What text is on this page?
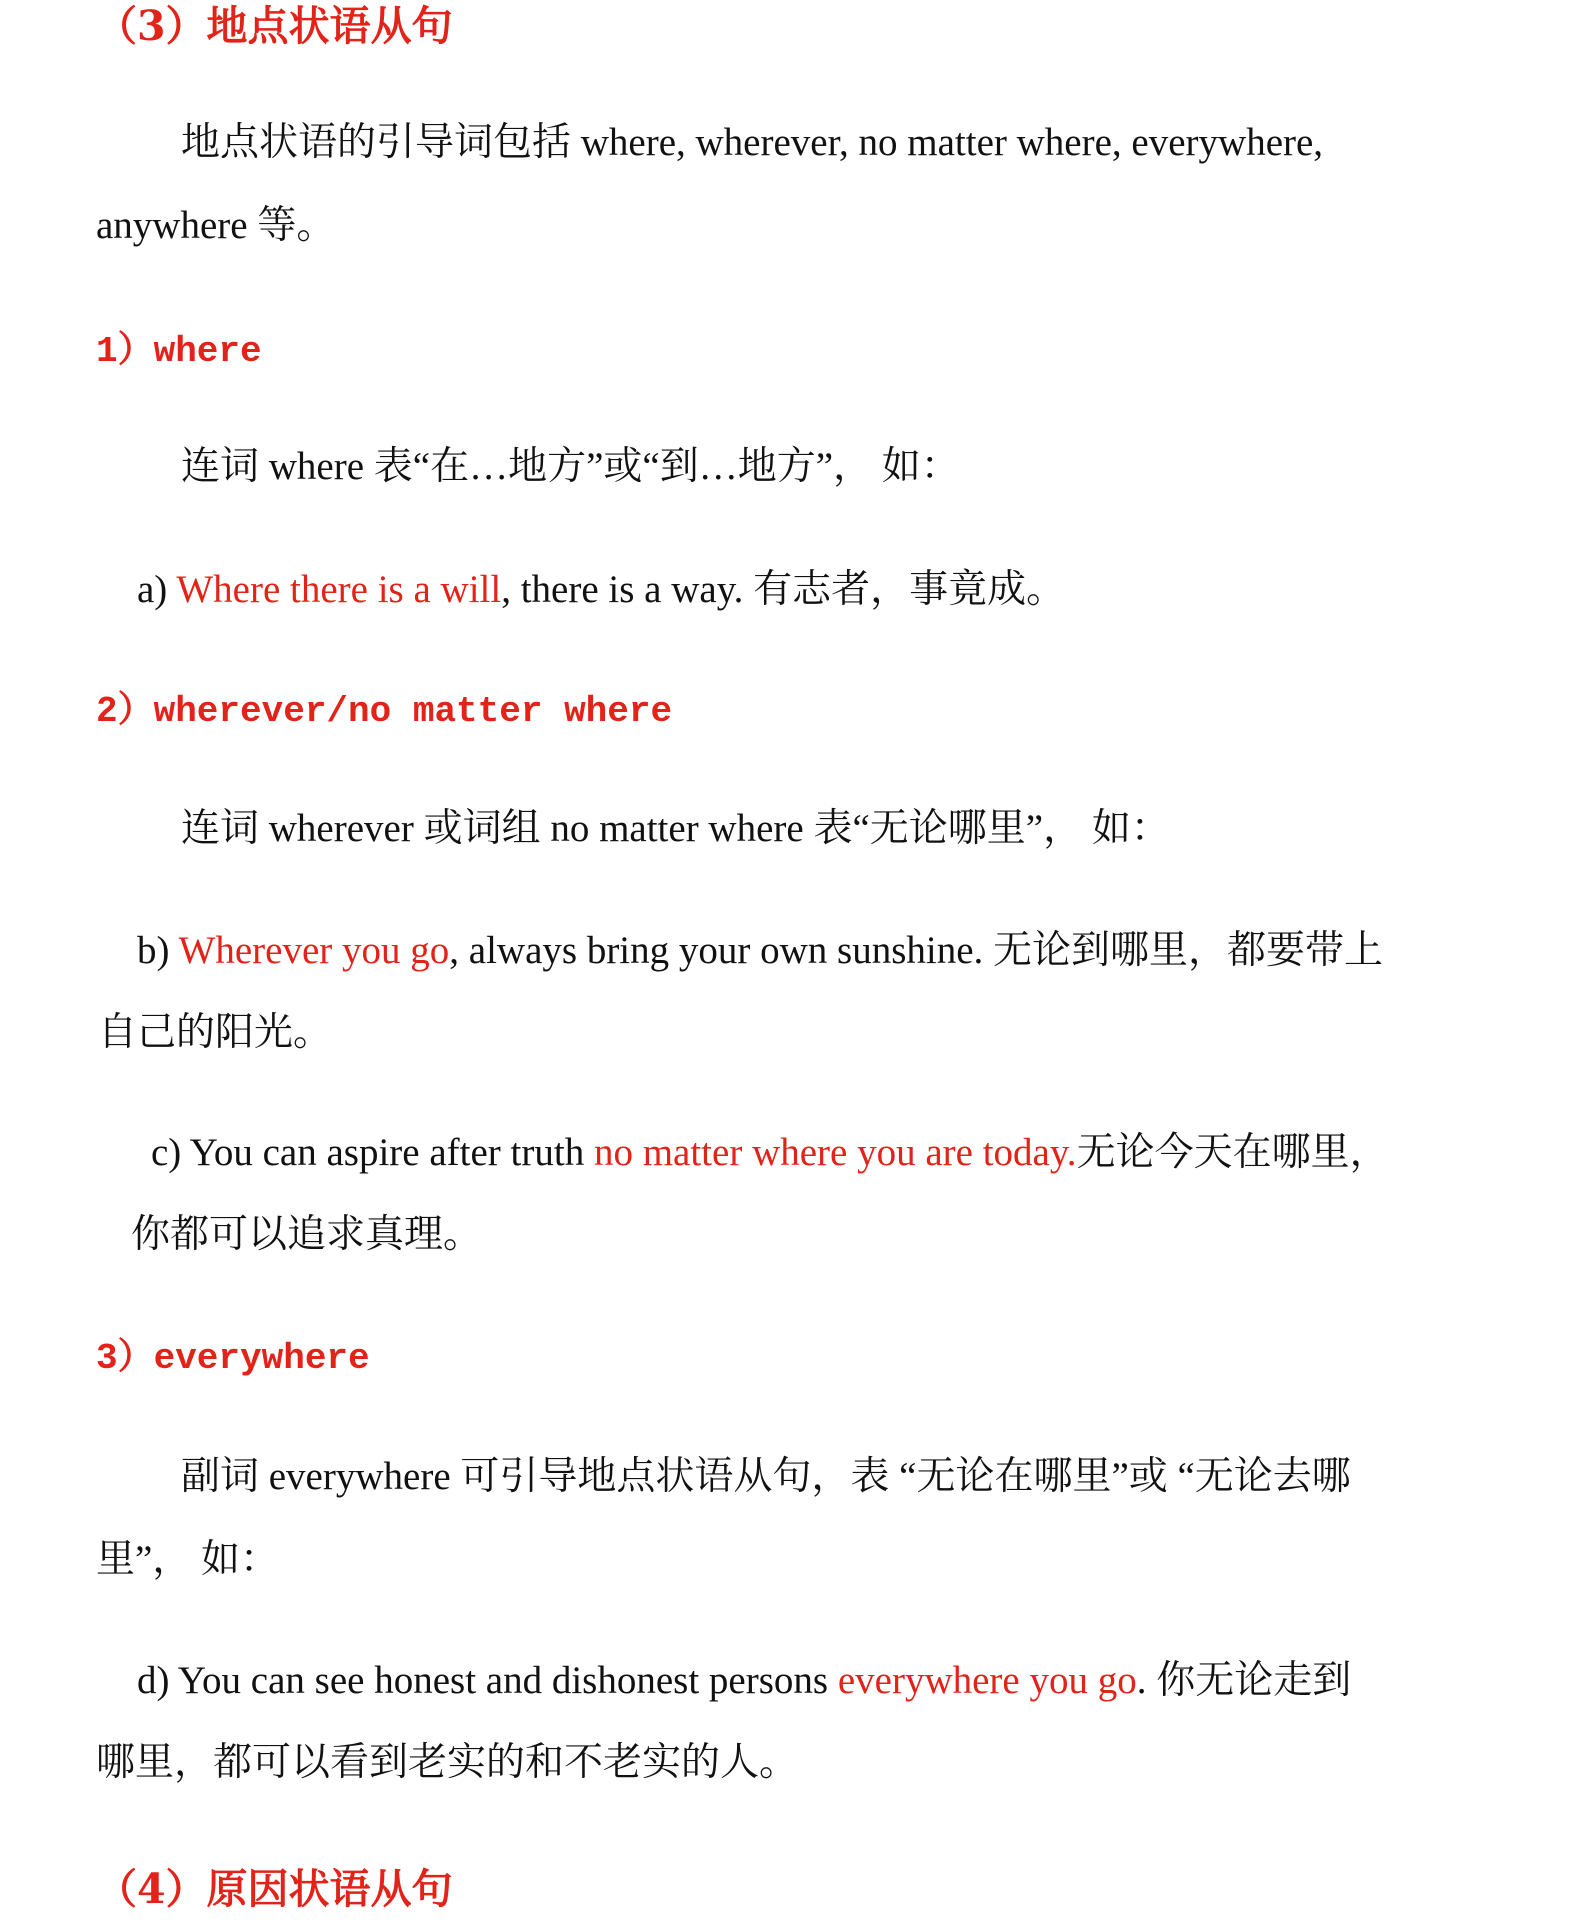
（3）地点状语从句
地点状语的引导词包括 where, wherever, no matter where, everywhere,
anywhere 等。
1）where
连词 where 表“在…地方”或“到…地方”， 如：
a) Where there is a will, there is a way. 有志者，事竟成。
2）wherever/no matter where
连词 wherever 或词组 no matter where 表“无论哪里”， 如：
b) Wherever you go, always bring your own sunshine. 无论到哪里，都要带上
自己的阳光。
c) You can aspire after truth no matter where you are today.无论今天在哪里，
你都可以追求真理。
3）everywhere
副词 everywhere 可引导地点状语从句，表 “无论在哪里”或 “无论去哪
里”， 如：
d) You can see honest and dishonest persons everywhere you go. 你无论走到
哪里，都可以看到老实的和不老实的人。
（4）原因状语从句
